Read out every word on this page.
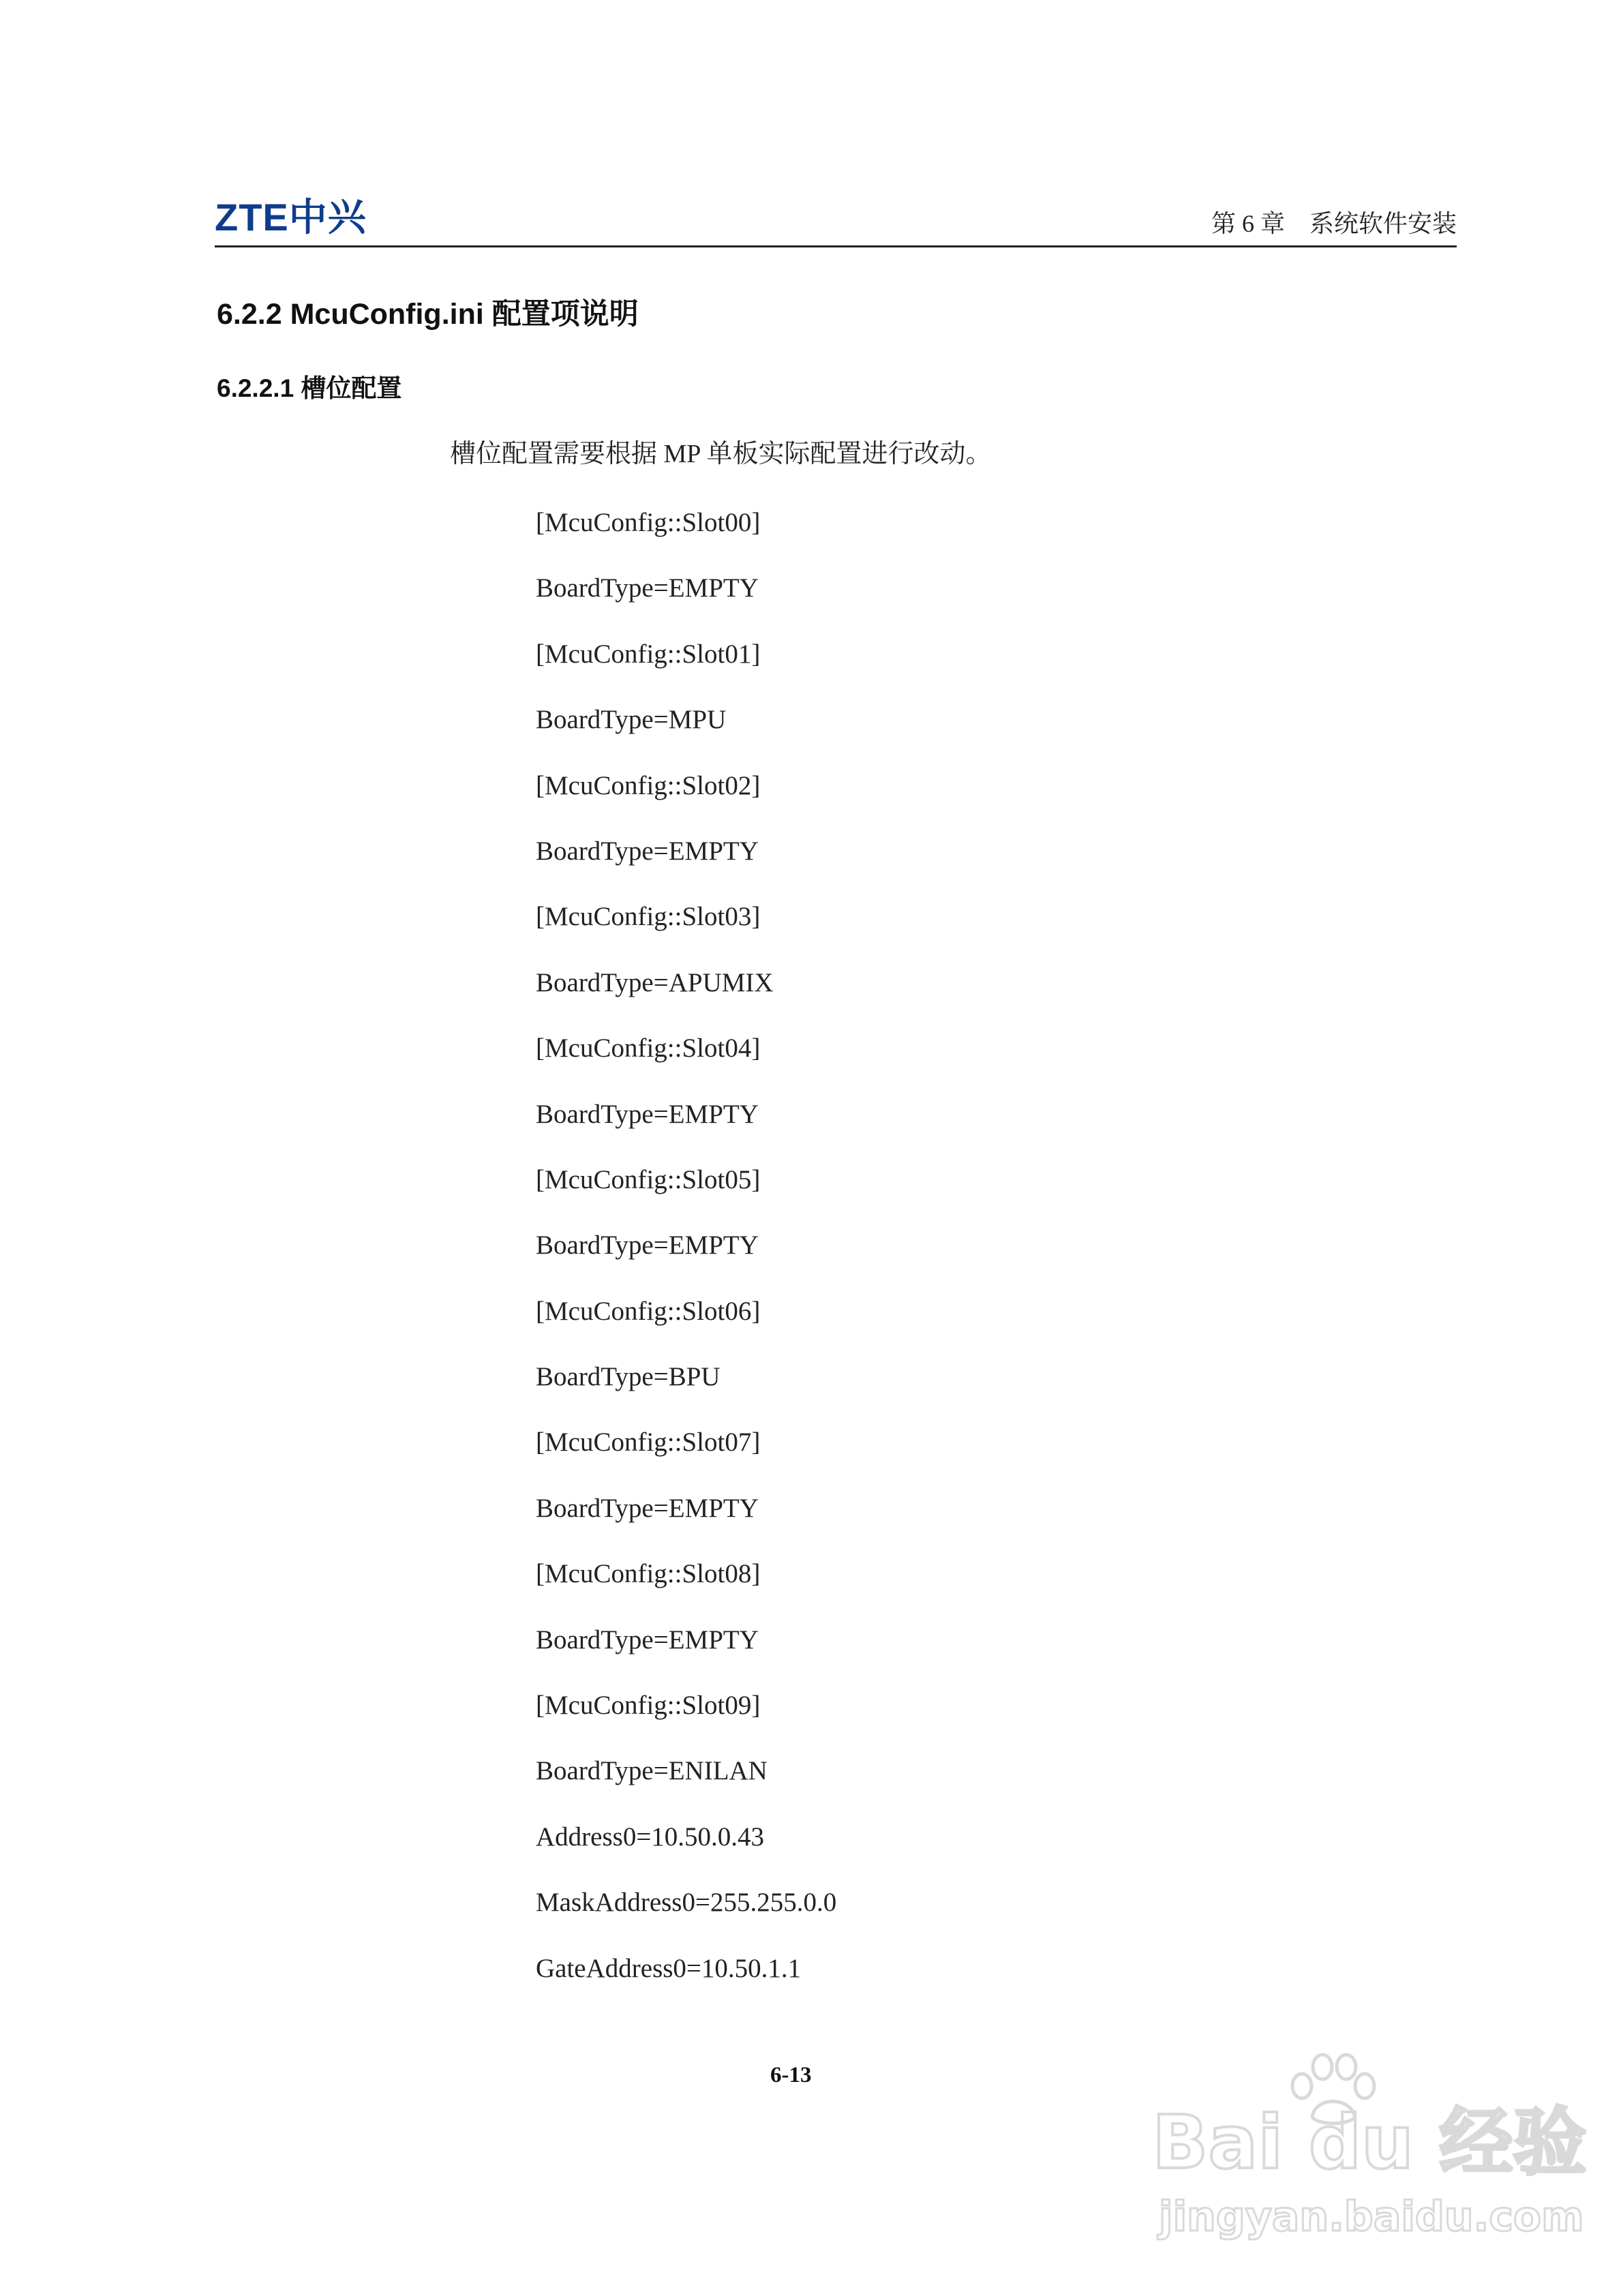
ZTE中兴	第 6 章    系统软件安装
6.2.2 McuConfig.ini 配置项说明
6.2.2.1 槽位配置
槽位配置需要根据 MP 单板实际配置进行改动。
[McuConfig::Slot00]
BoardType=EMPTY
[McuConfig::Slot01]
BoardType=MPU
[McuConfig::Slot02]
BoardType=EMPTY
[McuConfig::Slot03]
BoardType=APUMIX
[McuConfig::Slot04]
BoardType=EMPTY
[McuConfig::Slot05]
BoardType=EMPTY
[McuConfig::Slot06]
BoardType=BPU
[McuConfig::Slot07]
BoardType=EMPTY
[McuConfig::Slot08]
BoardType=EMPTY
[McuConfig::Slot09]
BoardType=ENILAN
Address0=10.50.0.43
MaskAddress0=255.255.0.0
GateAddress0=10.50.1.1
6-13
Bai du 经验
jingyan.baidu.com
